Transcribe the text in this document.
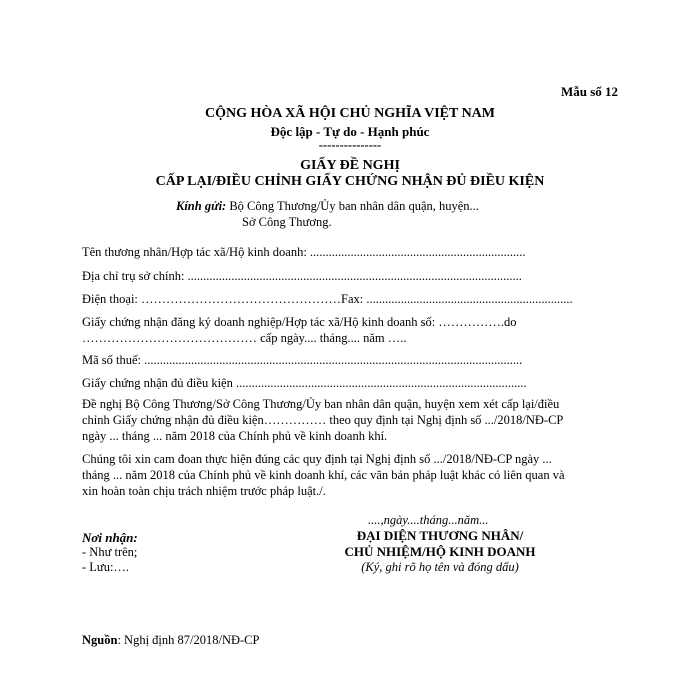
Mẫu số 12
CỘNG HÒA XÃ HỘI CHỦ NGHĨA VIỆT NAM
Độc lập - Tự do - Hạnh phúc
---------------
GIẤY ĐỀ NGHỊ
CẤP LẠI/ĐIỀU CHỈNH GIẤY CHỨNG NHẬN ĐỦ ĐIỀU KIỆN
Kính gửi: Bộ Công Thương/Ủy ban nhân dân quận, huyện...
Sở Công Thương.
Tên thương nhân/Hợp tác xã/Hộ kinh doanh: .....................................................................
Địa chỉ trụ sở chính: ...........................................................................................................
Điện thoại: …………………………………………Fax: ..................................................................
Giấy chứng nhận đăng ký doanh nghiệp/Hợp tác xã/Hộ kinh doanh số: …………….do
…………………………………… cấp ngày.... tháng.... năm …..
Mã số thuế: .........................................................................................................................
Giấy chứng nhận đủ điều kiện .............................................................................................
Đề nghị Bộ Công Thương/Sở Công Thương/Ủy ban nhân dân quận, huyện xem xét cấp lại/điều
chỉnh Giấy chứng nhận đủ điều kiện…………… theo quy định tại Nghị định số .../2018/NĐ-CP
ngày ... tháng ... năm 2018 của Chính phủ về kinh doanh khí.
Chúng tôi xin cam đoan thực hiện đúng các quy định tại Nghị định số .../2018/NĐ-CP ngày ...
tháng ... năm 2018 của Chính phủ về kinh doanh khí, các văn bản pháp luật khác có liên quan và
xin hoàn toàn chịu trách nhiệm trước pháp luật./.
....,ngày....tháng...năm...
Nơi nhận:
- Như trên;
- Lưu:….
ĐẠI DIỆN THƯƠNG NHÂN/
CHỦ NHIỆM/HỘ KINH DOANH
(Ký, ghi rõ họ tên và đóng dấu)
Nguồn: Nghị định 87/2018/NĐ-CP
